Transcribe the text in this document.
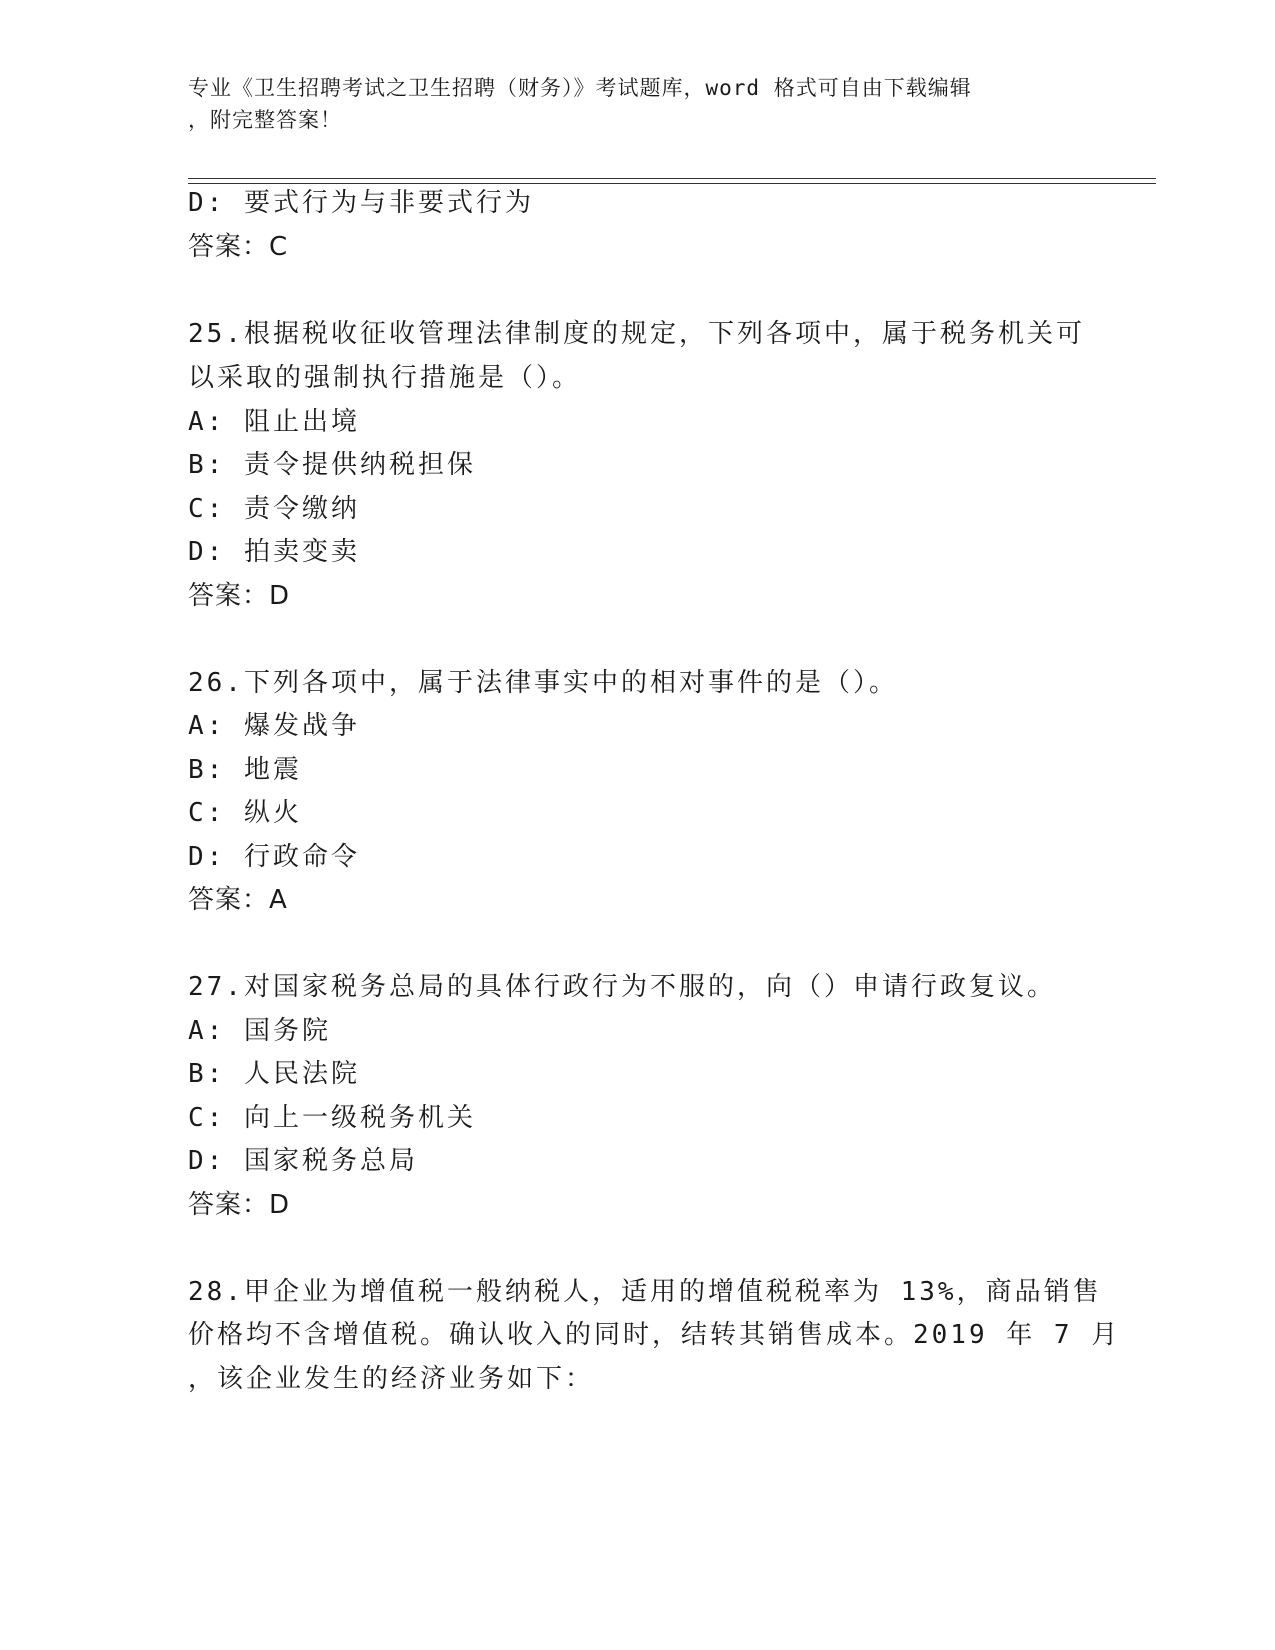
专业《卫生招聘考试之卫生招聘（财务）》考试题库，word 格式可自由下载编辑
，附完整答案！
D: 要式行为与非要式行为
答案：C
25.根据税收征收管理法律制度的规定，下列各项中，属于税务机关可
以采取的强制执行措施是（）。
A: 阻止出境
B: 责令提供纳税担保
C: 责令缴纳
D: 拍卖变卖
答案：D
26.下列各项中，属于法律事实中的相对事件的是（）。
A: 爆发战争
B: 地震
C: 纵火
D: 行政命令
答案：A
27.对国家税务总局的具体行政行为不服的，向（）申请行政复议。
A: 国务院
B: 人民法院
C: 向上一级税务机关
D: 国家税务总局
答案：D
28.甲企业为增值税一般纳税人，适用的增值税税率为 13%，商品销售
价格均不含增值税。确认收入的同时，结转其销售成本。2019 年 7 月
，该企业发生的经济业务如下：
